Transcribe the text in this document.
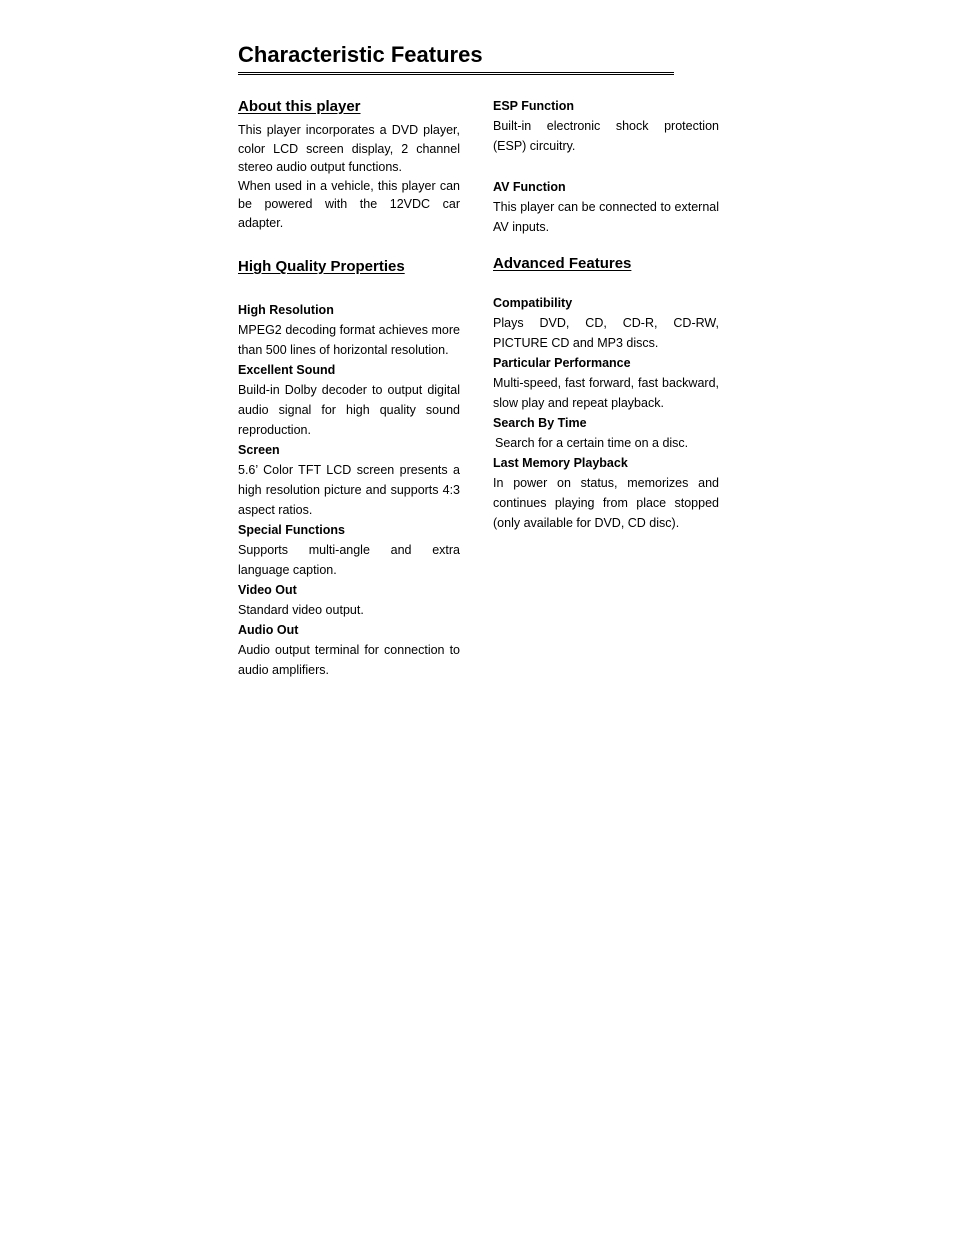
Characteristic Features
About this player

This player incorporates a DVD player, color LCD screen display, 2 channel stereo audio output functions.

When used in a vehicle, this player can be powered with the 12VDC car adapter.

High Quality Properties

High Resolution

MPEG2 decoding format achieves more than 500 lines of horizontal resolution.

Excellent Sound

Build-in Dolby decoder to output digital audio signal for high quality sound reproduction.

Screen

5.6’ Color TFT LCD screen presents a high resolution picture and supports 4:3 aspect ratios.

Special Functions

Supports multi-angle and extra language caption.

Video Out

Standard video output.

Audio Out

Audio output terminal for connection to audio amplifiers.

ESP Function

Built-in electronic shock protection (ESP) circuitry.

AV Function

This player can be connected to external AV inputs.

Advanced Features

Compatibility

Plays DVD, CD, CD-R, CD-RW, PICTURE CD and MP3 discs.

Particular Performance

Multi-speed, fast forward, fast backward, slow play and repeat playback.

Search By Time

Search for a certain time on a disc.

Last Memory Playback

In power on status, memorizes and continues playing from place stopped (only available for DVD, CD disc).
